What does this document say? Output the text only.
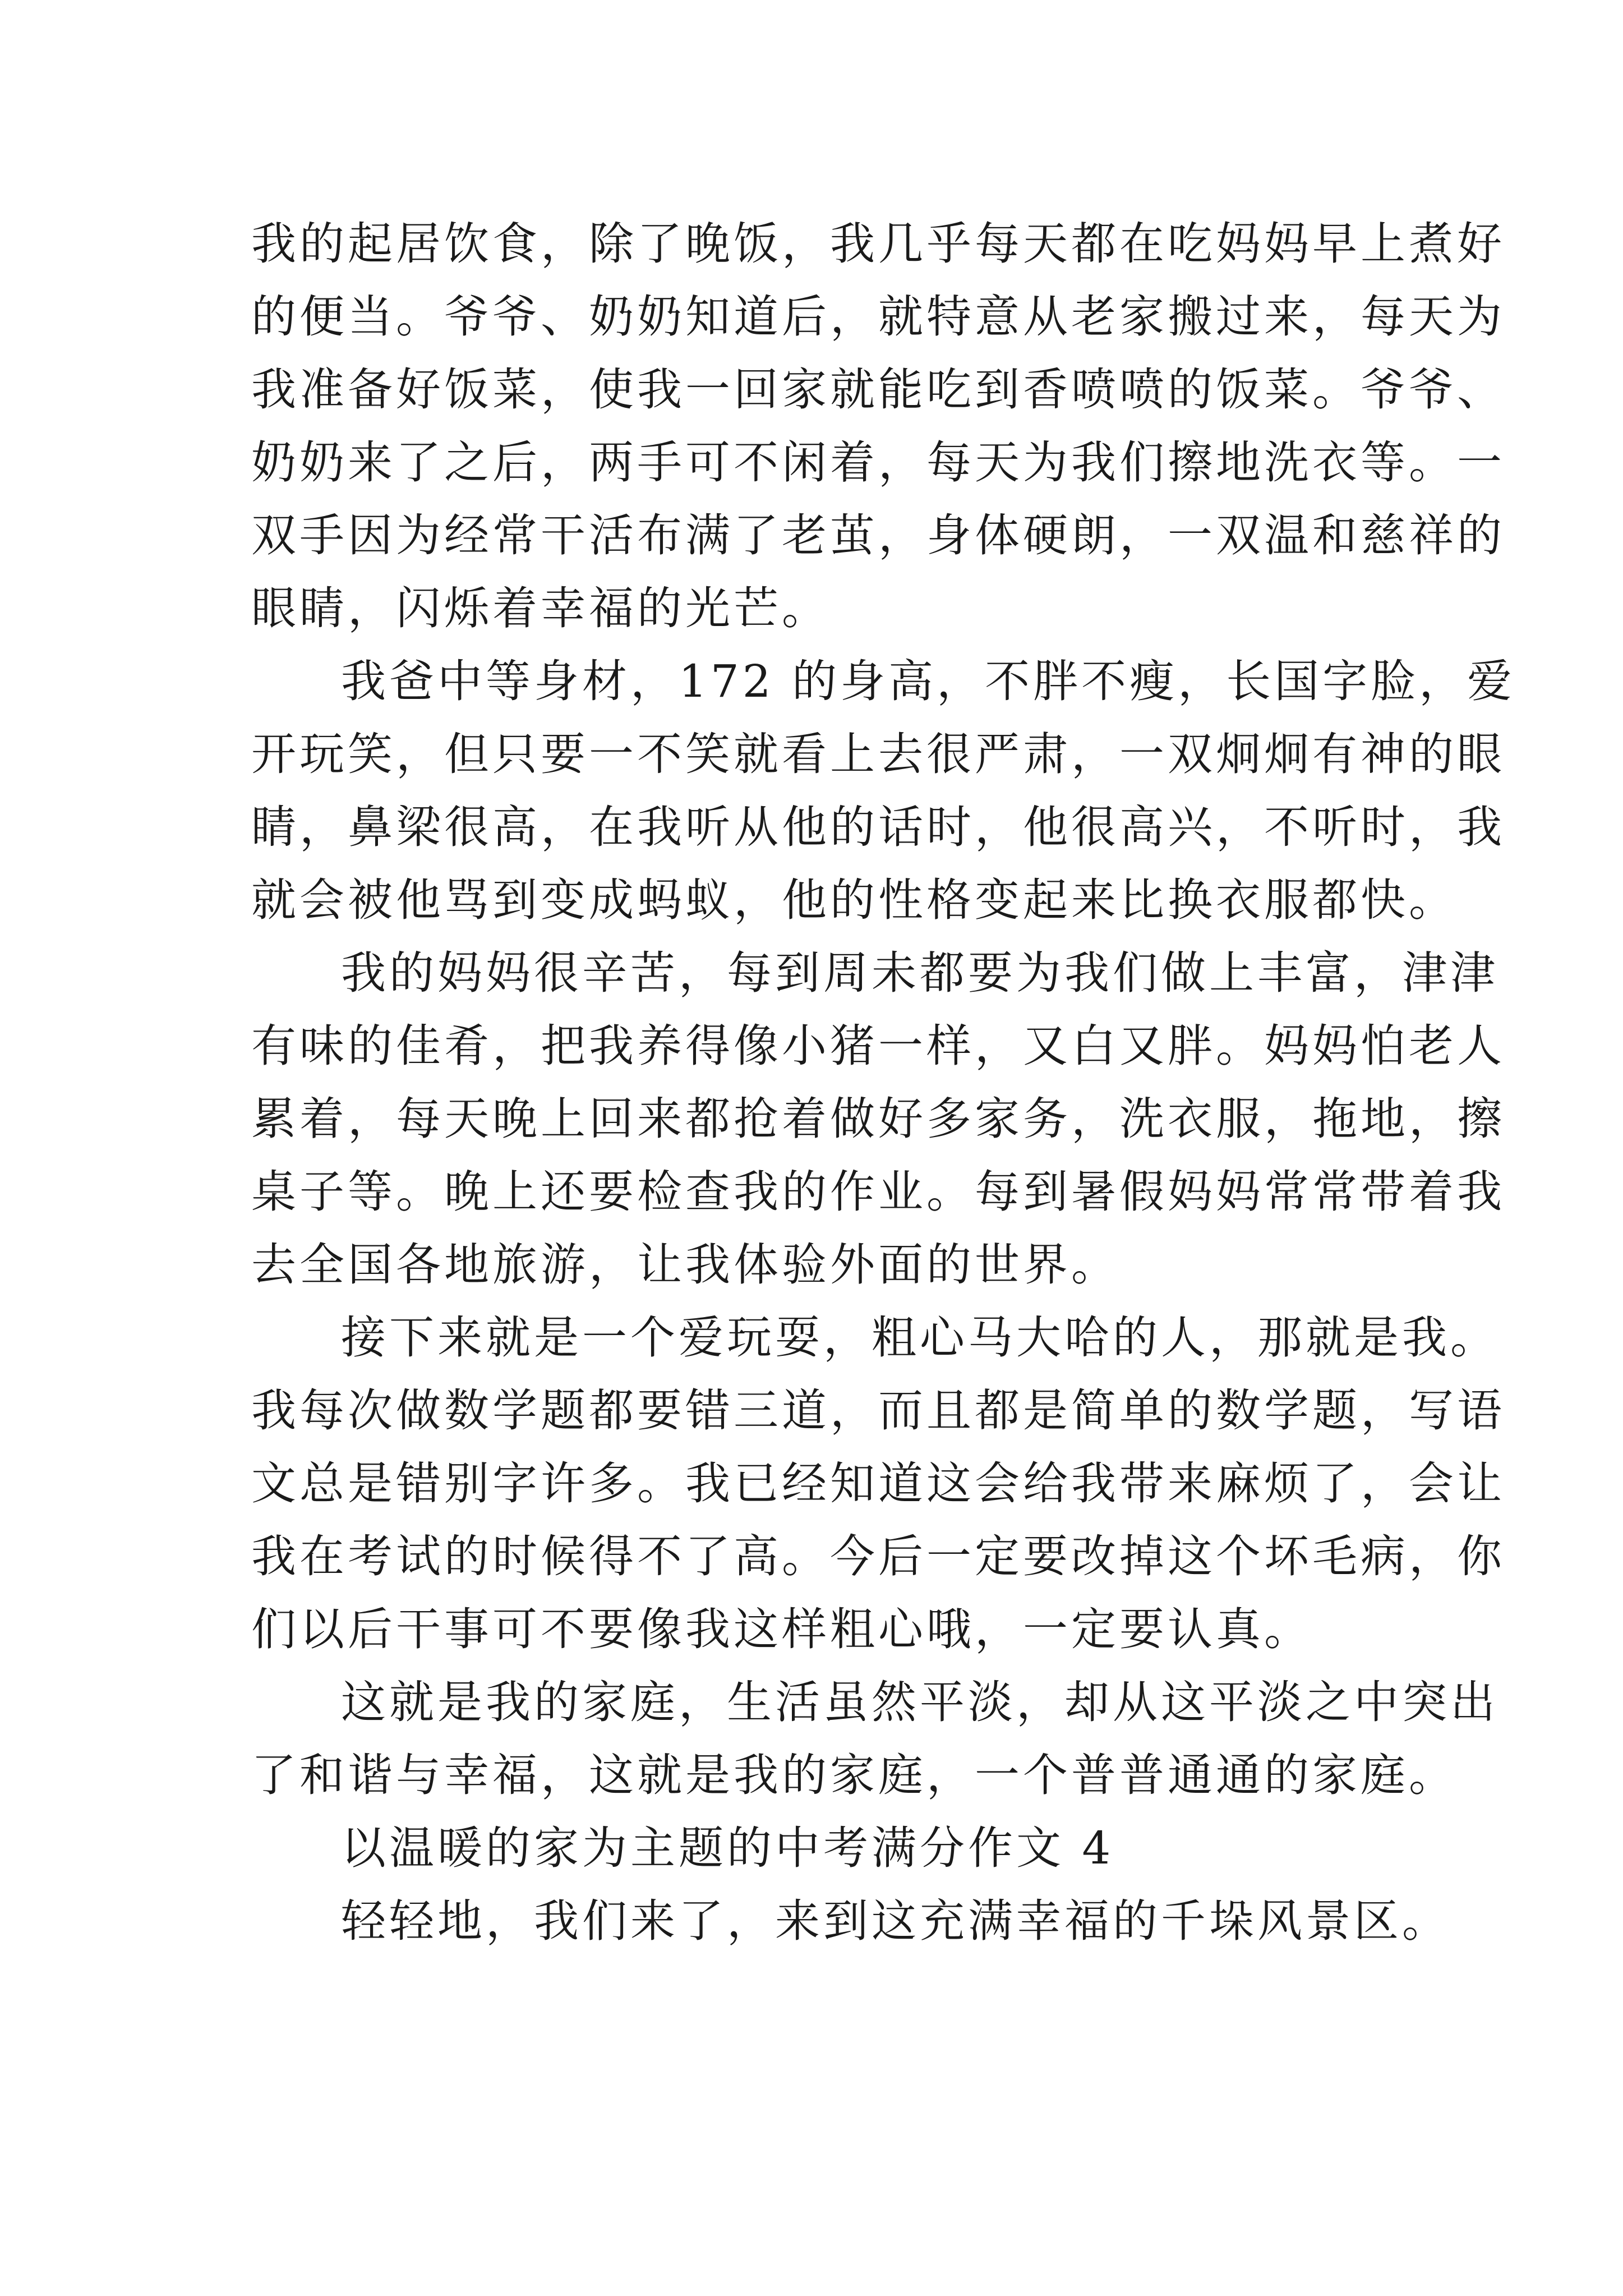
我的起居饮食，除了晚饭，我几乎每天都在吃妈妈早上煮好
的便当。爷爷、奶奶知道后，就特意从老家搬过来，每天为
我准备好饭菜，使我一回家就能吃到香喷喷的饭菜。爷爷、
奶奶来了之后，两手可不闲着，每天为我们擦地洗衣等。一
双手因为经常干活布满了老茧，身体硬朗，一双温和慈祥的
眼睛，闪烁着幸福的光芒。
我爸中等身材，172 的身高，不胖不瘦，长国字脸，爱
开玩笑，但只要一不笑就看上去很严肃，一双炯炯有神的眼
睛，鼻梁很高，在我听从他的话时，他很高兴，不听时，我
就会被他骂到变成蚂蚁，他的性格变起来比换衣服都快。
我的妈妈很辛苦，每到周未都要为我们做上丰富，津津
有味的佳肴，把我养得像小猪一样，又白又胖。妈妈怕老人
累着，每天晚上回来都抢着做好多家务，洗衣服，拖地，擦
桌子等。晚上还要检查我的作业。每到暑假妈妈常常带着我
去全国各地旅游，让我体验外面的世界。
接下来就是一个爱玩耍，粗心马大哈的人，那就是我。
我每次做数学题都要错三道，而且都是简单的数学题，写语
文总是错别字许多。我已经知道这会给我带来麻烦了，会让
我在考试的时候得不了高。今后一定要改掉这个坏毛病，你
们以后干事可不要像我这样粗心哦，一定要认真。
这就是我的家庭，生活虽然平淡，却从这平淡之中突出
了和谐与幸福，这就是我的家庭，一个普普通通的家庭。
以温暖的家为主题的中考满分作文 4
轻轻地，我们来了，来到这充满幸福的千垛风景区。
